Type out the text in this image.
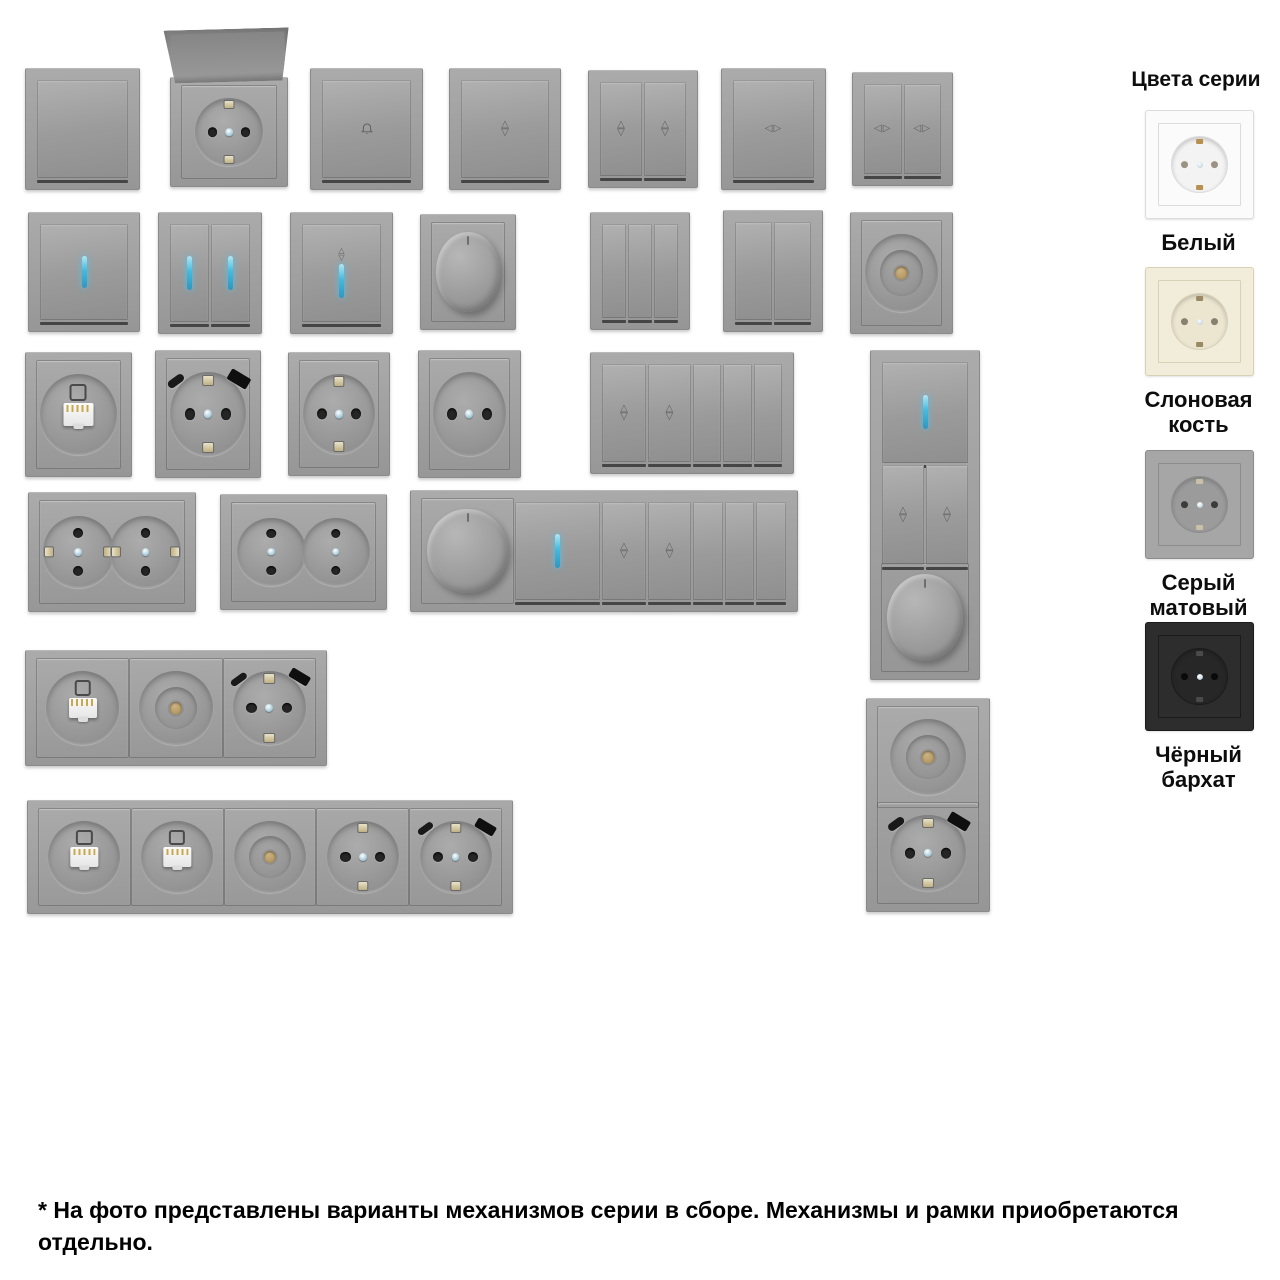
△
▽
△
▽
△
▽	◁▷	◁▷ ◁▷
△
▽
△
▽
△
▽
△
▽
△
▽
△
▽
△
▽
Цвета серии
Белый
Слоновая кость
Серый матовый
Чёрный бархат
* На фото представлены варианты механизмов серии в сборе. Механизмы и рамки приобретаются
отдельно.
